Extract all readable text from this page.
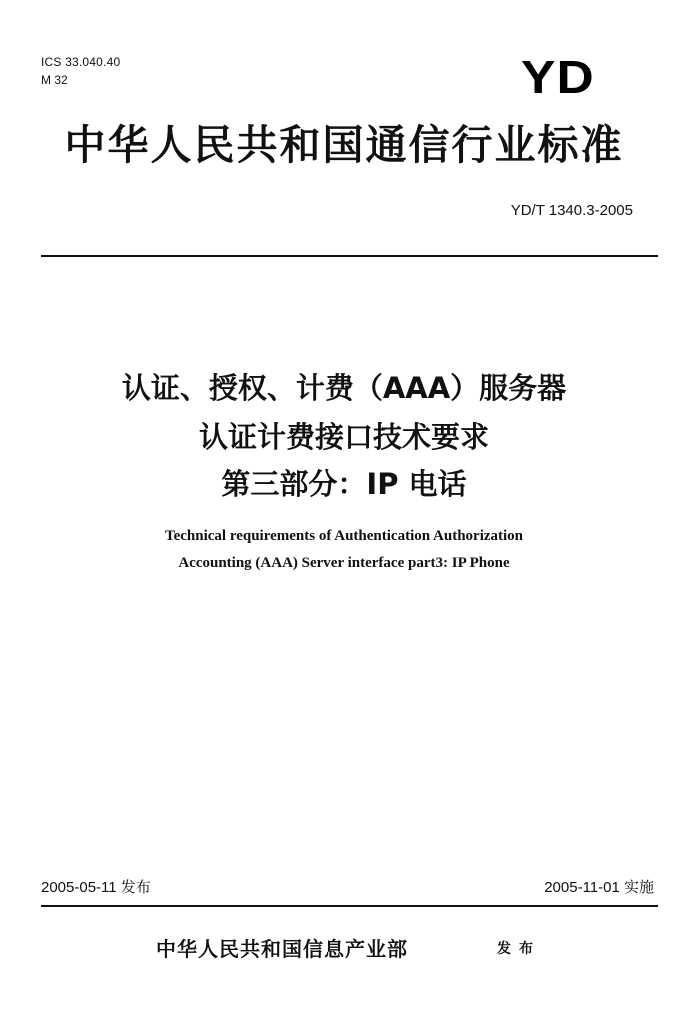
ICS 33.040.40
M 32	YD
中华人民共和国通信行业标准
YD/T 1340.3-2005
认证、授权、计费（AAA）服务器
认证计费接口技术要求
第三部分：IP 电话
Technical requirements of Authentication Authorization
Accounting (AAA) Server interface part3: IP Phone
2005-05-11 发布	2005-11-01 实施
中华人民共和国信息产业部	发布
